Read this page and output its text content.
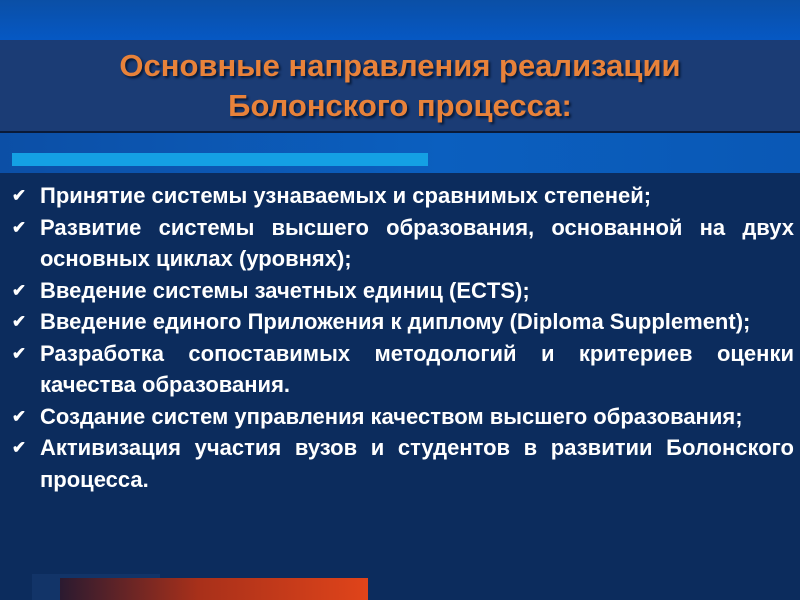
Основные направления реализации
Болонского процесса:
✔ Принятие системы узнаваемых и сравнимых степеней;
✔ Развитие системы высшего образования, основанной на двух основных циклах (уровнях);
✔ Введение системы зачетных единиц (ECTS);
✔ Введение единого Приложения к диплому (Diploma Supplement);
✔ Разработка сопоставимых методологий и критериев оценки качества образования.
✔ Создание систем управления качеством высшего образования;
✔ Активизация участия вузов и студентов в развитии Болонского процесса.
